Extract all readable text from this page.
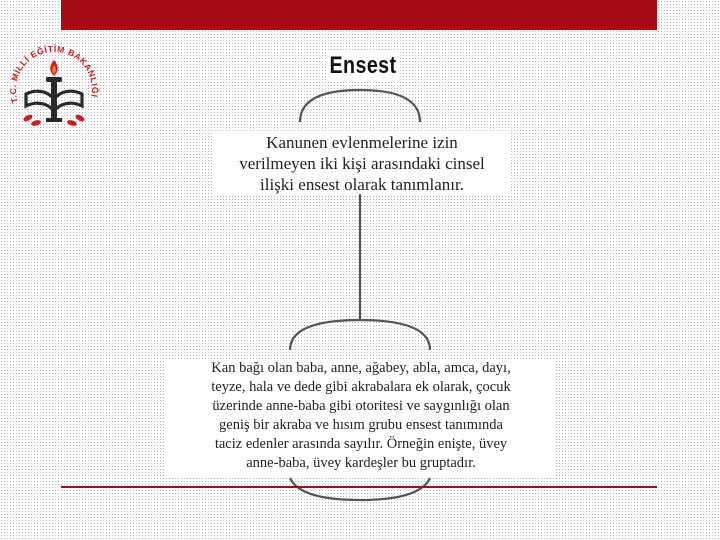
T.C. MİLLİ EĞİTİM BAKANLIĞI
Ensest
Kanunen evlenmelerine izin
verilmeyen iki kişi arasındaki cinsel
ilişki ensest olarak tanımlanır.
Kan bağı olan baba, anne, ağabey, abla, amca, dayı,
teyze, hala ve dede gibi akrabalara ek olarak, çocuk
üzerinde anne-baba gibi otoritesi ve saygınlığı olan
geniş bir akraba ve hısım grubu ensest tanımında
taciz edenler arasında sayılır. Örneğin enişte, üvey
anne-baba, üvey kardeşler bu gruptadır.
